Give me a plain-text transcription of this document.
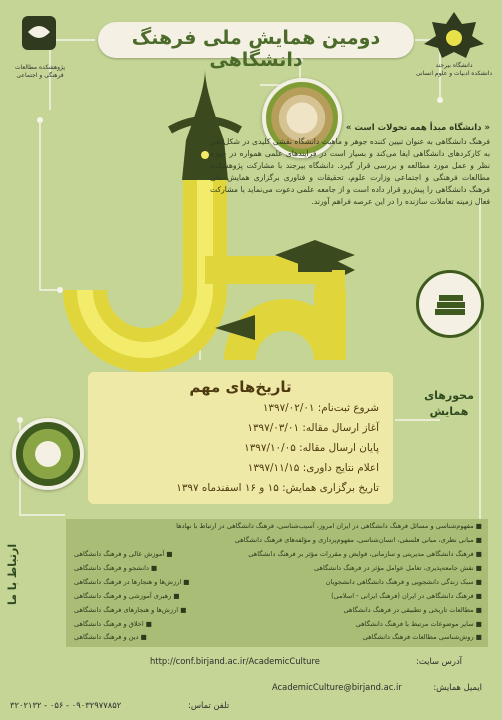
دومین همایش ملی فرهنگ دانشگاهی	دانشگاه بیرجند
دانشکده ادبیات و علوم انسانی
پژوهشکده مطالعات
فرهنگی و اجتماعی
« دانشگاه مبدأ همه تحولات است »
فرهنگ دانشگاهی به عنوان تبیین کننده جوهر و ماهیت دانشگاه نقشی کلیدی در شکل‌دهی به کارکردهای دانشگاهی ایفا می‌کند و بسیار است در فرایندهای علمی همواره در حوزه نظر و عمل مورد مطالعه و بررسی قرار گیرد. دانشگاه بیرجند با مشارکت پژوهشکده مطالعات فرهنگی و اجتماعی وزارت علوم، تحقیقات و فناوری برگزاری همایش ملی فرهنگ دانشگاهی را پیش‌رو قرار داده است و از جامعه علمی دعوت می‌نماید با مشارکت فعال زمینه تعاملات سازنده را در این عرصه فراهم آورند.
تاریخ‌های مهم
شروع ثبت‌نام: ۱۳۹۷/۰۲/۰۱
آغاز ارسال مقاله: ۱۳۹۷/۰۳/۰۱
پایان ارسال مقاله: ۱۳۹۷/۱۰/۰۵
اعلام نتایج داوری: ۱۳۹۷/۱۱/۱۵
تاریخ برگزاری همایش: ۱۵ و ۱۶ اسفندماه ۱۳۹۷
محورهای همایش
ارتباط با ما
■ مفهوم‌شناسی و مسائل فرهنگ دانشگاهی در ایران امروز، آسیب‌شناسی، فرهنگ دانشگاهی در ارتباط با نهادها
■ مبانی نظری، مبانی فلسفی، انسان‌شناسی، مفهوم‌پردازی و مؤلفه‌های فرهنگ دانشگاهی
■ فرهنگ دانشگاهی مدیریتی و سازمانی، فوایض و مقررات مؤثر بر فرهنگ دانشگاهی
■ نقش جامعه‌پذیری، تعامل عوامل مؤثر در فرهنگ دانشگاهی
■ سبک زندگی دانشجویی و فرهنگ دانشگاهی دانشجویان
■ فرهنگ دانشگاهی در ایران (فرهنگ ایرانی - اسلامی)
■ مطالعات تاریخی و تطبیقی در فرهنگ دانشگاهی
■ سایر موضوعات مرتبط با فرهنگ دانشگاهی
■ روش‌شناسی مطالعات فرهنگ دانشگاهی
■ آموزش عالی و فرهنگ دانشگاهی
■ دانشجو و فرهنگ دانشگاهی
■ ارزش‌ها و هنجارها در فرهنگ دانشگاهی
■ رهبری آموزشی و فرهنگ دانشگاهی
■ ارزش‌ها و هنجارهای فرهنگ دانشگاهی
■ اخلاق و فرهنگ دانشگاهی
■ دین و فرهنگ دانشگاهی
آدرس سایت:
http://conf.birjand.ac.ir/AcademicCulture
ایمیل همایش:
AcademicCulture@birjand.ac.ir
تلفن تماس:
۰۹۰۳۲۹۷۷۸۵۲ - ۰۵۶ - ۳۲۰۲۱۳۲
